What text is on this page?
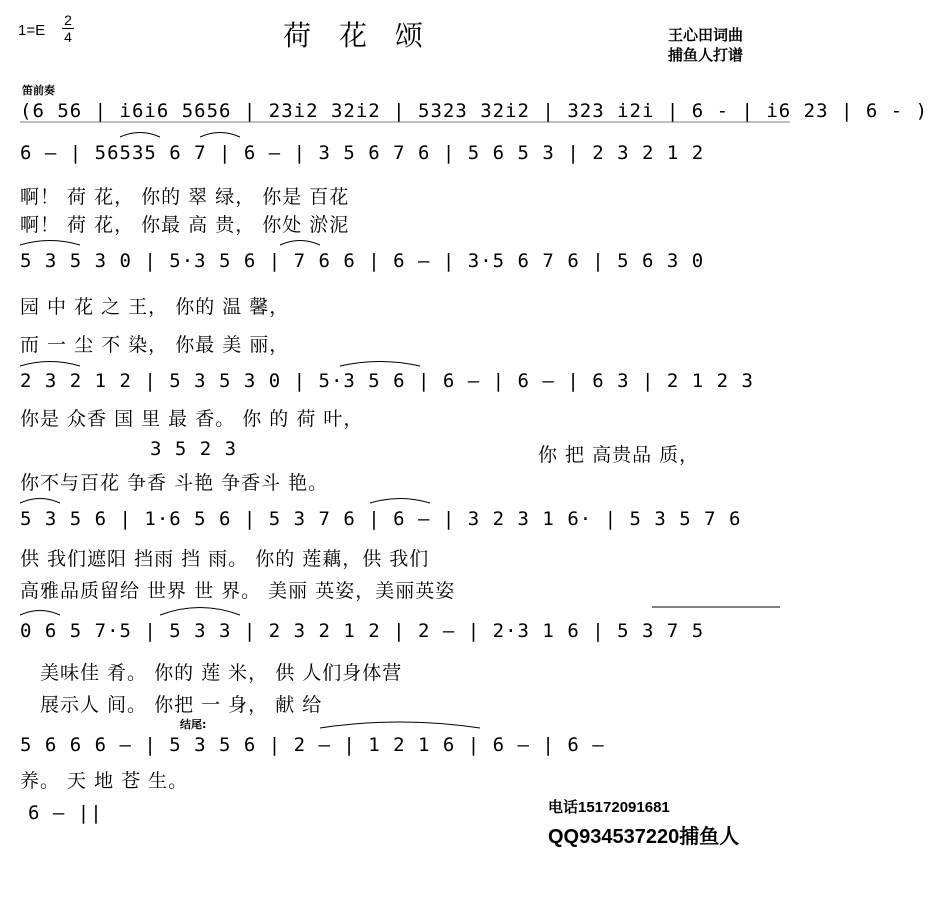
1=E
2
4	荷花颂	王心田词曲
捕鱼人打谱
笛前奏
(6 56 | i6i6 5656 | 23i2 32i2 | 5323 32i2 | 323 i2i | 6 - | i6 23 | 6 - )
6 — | 56535 6 7 | 6 — | 3 5 6 7 6 | 5 6 5 3 | 2 3 2 1 2
啊！ 荷 花， 你的 翠 绿， 你是 百花
啊！ 荷 花， 你最 高 贵， 你处 淤泥
5 3 5 3 0 | 5·3 5 6 | 7 6 6 | 6 — | 3·5 6 7 6 | 5 6 3 0
园 中 花 之 王， 你的 温 馨，
而 一 尘 不 染， 你最 美 丽，
2 3 2 1 2 | 5 3 5 3 0 | 5·3 5 6 | 6 — | 6 — | 6 3 | 2 1 2 3
你是 众香 国 里 最 香。 你 的 荷 叶，
3 5 2 3	你 把 高贵品 质，
你不与百花 争香 斗艳 争香斗 艳。
5 3 5 6 | 1·6 5 6 | 5 3 7 6 | 6 — | 3 2 3 1 6· | 5 3 5 7 6
供 我们遮阳 挡雨 挡 雨。 你的 莲藕，供 我们
高雅品质留给 世界 世 界。 美丽 英姿，美丽英姿
0 6 5 7·5 | 5 3 3 | 2 3 2 1 2 | 2 — | 2·3 1 6 | 5 3 7 5
美味佳 肴。 你的 莲 米， 供 人们身体营
展示人 间。 你把 一 身， 献 给
结尾:
5 6 6 6 — | 5 3 5 6 | 2 — | 1 2 1 6 | 6 — | 6 —
养。 天 地 苍 生。
6 — ||	电话15172091681
QQ934537220捕鱼人
